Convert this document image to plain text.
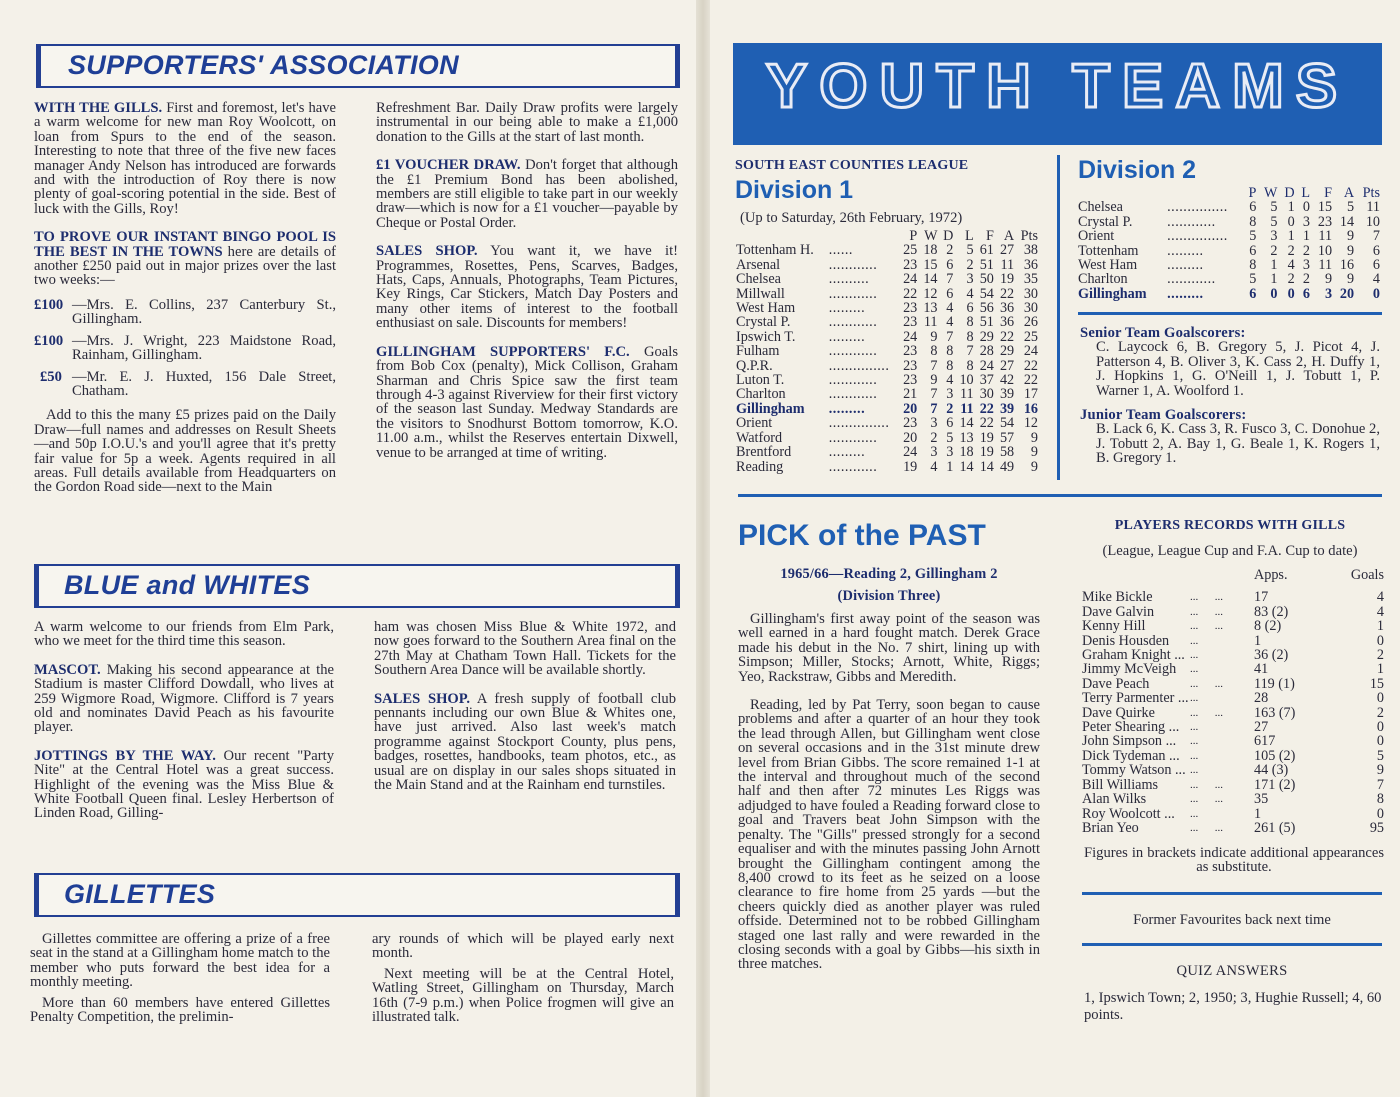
SUPPORTERS' ASSOCIATION

WITH THE GILLS. First and foremost, let's have a warm welcome for new man Roy Woolcott, on loan from Spurs to the end of the season. Interesting to note that three of the five new faces manager Andy Nelson has introduced are forwards and with the introduction of Roy there is now plenty of goal-scoring potential in the side. Best of luck with the Gills, Roy!

TO PROVE OUR INSTANT BINGO POOL IS THE BEST IN THE TOWNS here are details of another £250 paid out in major prizes over the last two weeks:—

£100 —Mrs. E. Collins, 237 Canterbury St., Gillingham.
£100 —Mrs. J. Wright, 223 Maidstone Road, Rainham, Gillingham.
£50 —Mr. E. J. Huxted, 156 Dale Street, Chatham.

Add to this the many £5 prizes paid on the Daily Draw—full names and addresses on Result Sheets—and 50p I.O.U.'s and you'll agree that it's pretty fair value for 5p a week. Agents required in all areas. Full details available from Headquarters on the Gordon Road side—next to the Main

Refreshment Bar. Daily Draw profits were largely instrumental in our being able to make a £1,000 donation to the Gills at the start of last month.

£1 VOUCHER DRAW. Don't forget that although the £1 Premium Bond has been abolished, members are still eligible to take part in our weekly draw—which is now for a £1 voucher—payable by Cheque or Postal Order.

SALES SHOP. You want it, we have it! Programmes, Rosettes, Pens, Scarves, Badges, Hats, Caps, Annuals, Photographs, Team Pictures, Key Rings, Car Stickers, Match Day Posters and many other items of interest to the football enthusiast on sale. Discounts for members!

GILLINGHAM SUPPORTERS' F.C. Goals from Bob Cox (penalty), Mick Collison, Graham Sharman and Chris Spice saw the first team through 4-3 against Riverview for their first victory of the season last Sunday. Medway Standards are the visitors to Snodhurst Bottom tomorrow, K.O. 11.00 a.m., whilst the Reserves entertain Dixwell, venue to be arranged at time of writing.

BLUE and WHITES

A warm welcome to our friends from Elm Park, who we meet for the third time this season.

MASCOT. Making his second appearance at the Stadium is master Clifford Dowdall, who lives at 259 Wigmore Road, Wigmore. Clifford is 7 years old and nominates David Peach as his favourite player.

JOTTINGS BY THE WAY. Our recent "Party Nite" at the Central Hotel was a great success. Highlight of the evening was the Miss Blue & White Football Queen final. Lesley Herbertson of Linden Road, Gilling-

ham was chosen Miss Blue & White 1972, and now goes forward to the Southern Area final on the 27th May at Chatham Town Hall. Tickets for the Southern Area Dance will be available shortly.

SALES SHOP. A fresh supply of football club pennants including our own Blue & Whites one, have just arrived. Also last week's match programme against Stockport County, plus pens, badges, rosettes, handbooks, team photos, etc., as usual are on display in our sales shops situated in the Main Stand and at the Rainham end turnstiles.

GILLETTES

Gillettes committee are offering a prize of a free seat in the stand at a Gillingham home match to the member who puts forward the best idea for a monthly meeting.

More than 60 members have entered Gillettes Penalty Competition, the prelimin-

ary rounds of which will be played early next month.

Next meeting will be at the Central Hotel, Watling Street, Gillingham on Thursday, March 16th (7-9 p.m.) when Police frogmen will give an illustrated talk.

YOUTH TEAMS
SOUTH EAST COUNTIES LEAGUE
Division 1
(Up to Saturday, 26th February, 1972)
		P	W	D	L	F	A	Pts
Tottenham H.	......	25	18	2	5	61	27	38
Arsenal	............	23	15	6	2	51	11	36
Chelsea	..........	24	14	7	3	50	19	35
Millwall	............	22	12	6	4	54	22	30
West Ham	.........	23	13	4	6	56	36	30
Crystal P.	............	23	11	4	8	51	36	26
Ipswich T.	.........	24	9	7	8	29	22	25
Fulham	............	23	8	8	7	28	29	24
Q.P.R.	...............	23	7	8	8	24	27	22
Luton T.	............	23	9	4	10	37	42	22
Charlton	............	21	7	3	11	30	39	17
Gillingham	.........	20	7	2	11	22	39	16
Orient	...............	23	3	6	14	22	54	12
Watford	............	20	2	5	13	19	57	9
Brentford	.........	24	3	3	18	19	58	9
Reading	............	19	4	1	14	14	49	9
Division 2
		P	W	D	L	F	A	Pts
Chelsea	...............	6	5	1	0	15	5	11
Crystal P.	............	8	5	0	3	23	14	10
Orient	...............	5	3	1	1	11	9	7
Tottenham	.........	6	2	2	2	10	9	6
West Ham	.........	8	1	4	3	11	16	6
Charlton	............	5	1	2	2	9	9	4
Gillingham	.........	6	0	0	6	3	20	0
Senior Team Goalscorers:
C. Laycock 6, B. Gregory 5, J. Picot 4, J. Patterson 4, B. Oliver 3, K. Cass 2, H. Duffy 1, J. Hopkins 1, G. O'Neill 1, J. Tobutt 1, P. Warner 1, A. Woolford 1.
Junior Team Goalscorers:
B. Lack 6, K. Cass 3, R. Fusco 3, C. Donohue 2, J. Tobutt 2, A. Bay 1, G. Beale 1, K. Rogers 1, B. Gregory 1.
PICK of the PAST
1965/66—Reading 2, Gillingham 2
(Division Three)

Gillingham's first away point of the season was well earned in a hard fought match. Derek Grace made his debut in the No. 7 shirt, lining up with Simpson; Miller, Stocks; Arnott, White, Riggs; Yeo, Rackstraw, Gibbs and Meredith.

Reading, led by Pat Terry, soon began to cause problems and after a quarter of an hour they took the lead through Allen, but Gillingham went close on several occasions and in the 31st minute drew level from Brian Gibbs. The score remained 1-1 at the interval and throughout much of the second half and then after 72 minutes Les Riggs was adjudged to have fouled a Reading forward close to goal and Travers beat John Simpson with the penalty. The "Gills" pressed strongly for a second equaliser and with the minutes passing John Arnott brought the Gillingham contingent among the 8,400 crowd to its feet as he seized on a loose clearance to fire home from 25 yards —but the cheers quickly died as another player was ruled offside. Determined not to be robbed Gillingham staged one last rally and were rewarded in the closing seconds with a goal by Gibbs—his sixth in three matches.

PLAYERS RECORDS WITH GILLS
(League, League Cup and F.A. Cup to date)
		Apps.	Goals

Mike Bickle	...      ...	17	4
Dave Galvin	...      ...	83 (2)	4
Kenny Hill	...      ...	8 (2)	1
Denis Housden	...	1	0
Graham Knight ...	...	36 (2)	2
Jimmy McVeigh	...	41	1
Dave Peach	...      ...	119 (1)	15
Terry Parmenter ...	...	28	0
Dave Quirke	...      ...	163 (7)	2
Peter Shearing ...	...	27	0
John Simpson ...	...	617	0
Dick Tydeman ...	...	105 (2)	5
Tommy Watson ...	...	44 (3)	9
Bill Williams	...      ...	171 (2)	7
Alan Wilks	...      ...	35	8
Roy Woolcott ...	...	1	0
Brian Yeo	...      ...	261 (5)	95
Figures in brackets indicate additional appearances as substitute.
Former Favourites back next time
QUIZ ANSWERS
1, Ipswich Town; 2, 1950; 3, Hughie Russell; 4, 60 points.
